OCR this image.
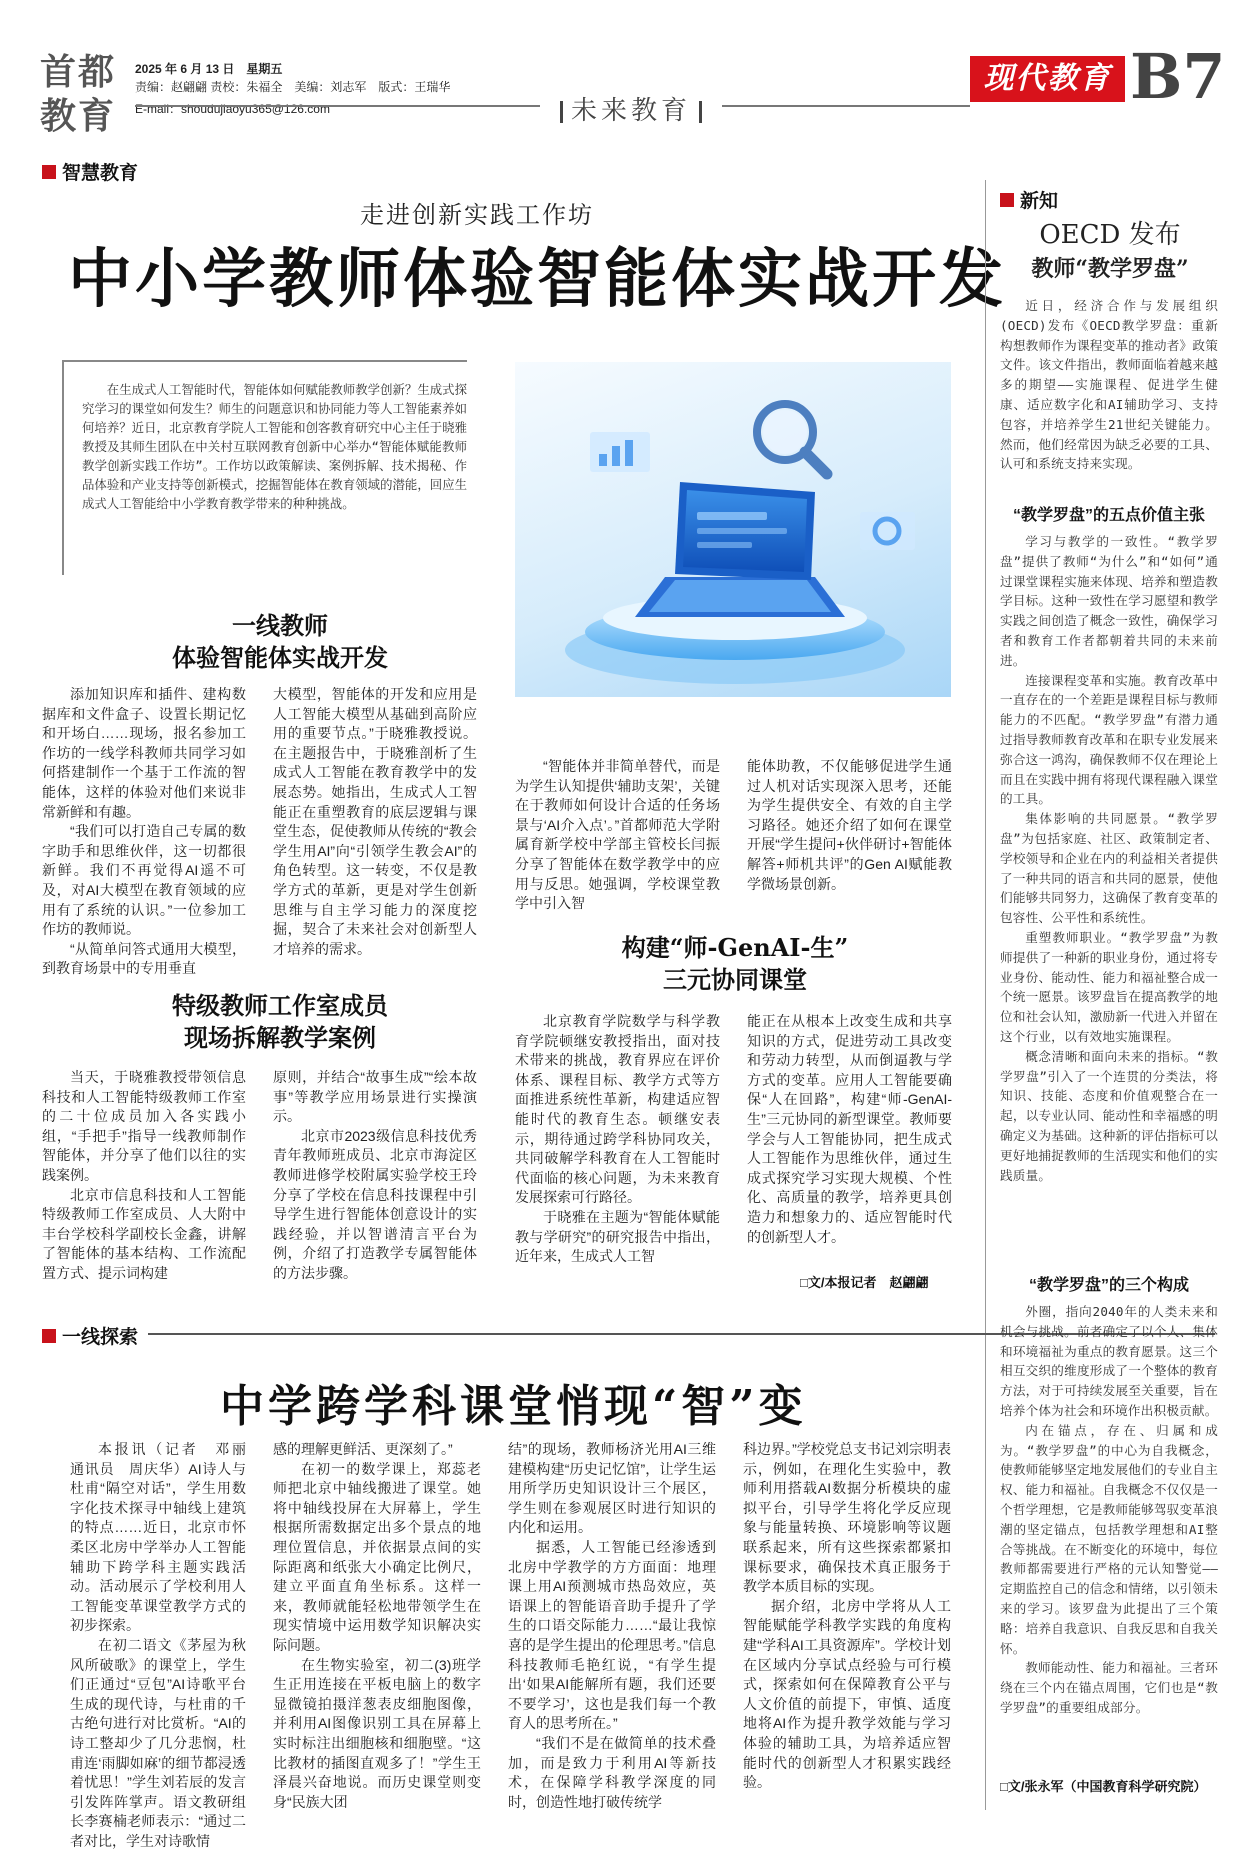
首都
教育
2025 年 6 月 13 日　星期五
责编：赵翩翩 责校：朱福全　美编：刘志军　版式：王瑞华
E-mail：shoudujiaoyu365@126.com	未来教育
现代教育报
B7
智慧教育
走进创新实践工作坊
中小学教师体验智能体实战开发

在生成式人工智能时代，智能体如何赋能教师教学创新？生成式探究学习的课堂如何发生？师生的问题意识和协同能力等人工智能素养如何培养？近日，北京教育学院人工智能和创客教育研究中心主任于晓雅教授及其师生团队在中关村互联网教育创新中心举办“智能体赋能教师教学创新实践工作坊”。工作坊以政策解读、案例拆解、技术揭秘、作品体验和产业支持等创新模式，挖掘智能体在教育领域的潜能，回应生成式人工智能给中小学教育教学带来的种种挑战。

一线教师
体验智能体实战开发

添加知识库和插件、建构数据库和文件盒子、设置长期记忆和开场白……现场，报名参加工作坊的一线学科教师共同学习如何搭建制作一个基于工作流的智能体，这样的体验对他们来说非常新鲜和有趣。

“我们可以打造自己专属的数字助手和思维伙伴，这一切都很新鲜。我们不再觉得AI遥不可及，对AI大模型在教育领域的应用有了系统的认识。”一位参加工作坊的教师说。

“从简单问答式通用大模型，到教育场景中的专用垂直

大模型，智能体的开发和应用是人工智能大模型从基础到高阶应用的重要节点。”于晓雅教授说。在主题报告中，于晓雅剖析了生成式人工智能在教育教学中的发展态势。她指出，生成式人工智能正在重塑教育的底层逻辑与课堂生态，促使教师从传统的“教会学生用AI”向“引领学生教会AI”的角色转型。这一转变，不仅是教学方式的革新，更是对学生创新思维与自主学习能力的深度挖掘，契合了未来社会对创新型人才培养的需求。

特级教师工作室成员
现场拆解教学案例

当天，于晓雅教授带领信息科技和人工智能特级教师工作室的二十位成员加入各实践小组，“手把手”指导一线教师制作智能体，并分享了他们以往的实践案例。

北京市信息科技和人工智能特级教师工作室成员、人大附中丰台学校科学副校长金鑫，讲解了智能体的基本结构、工作流配置方式、提示词构建

原则，并结合“故事生成”“绘本故事”等教学应用场景进行实操演示。

北京市2023级信息科技优秀青年教师班成员、北京市海淀区教师进修学校附属实验学校王玲分享了学校在信息科技课程中引导学生进行智能体创意设计的实践经验，并以智谱清言平台为例，介绍了打造教学专属智能体的方法步骤。

“智能体并非简单替代，而是为学生认知提供‘辅助支架’，关键在于教师如何设计合适的任务场景与‘AI介入点’。”首都师范大学附属育新学校中学部主管校长闫振分享了智能体在数学教学中的应用与反思。她强调，学校课堂教学中引入智

能体助教，不仅能够促进学生通过人机对话实现深入思考，还能为学生提供安全、有效的自主学习路径。她还介绍了如何在课堂开展“学生提问+伙伴研讨+智能体解答+师机共评”的Gen AI赋能教学微场景创新。

构建“师-GenAI-生”
三元协同课堂

北京教育学院数学与科学教育学院顿继安教授指出，面对技术带来的挑战，教育界应在评价体系、课程目标、教学方式等方面推进系统性革新，构建适应智能时代的教育生态。顿继安表示，期待通过跨学科协同攻关，共同破解学科教育在人工智能时代面临的核心问题，为未来教育发展探索可行路径。

于晓雅在主题为“智能体赋能教与学研究”的研究报告中指出，近年来，生成式人工智

能正在从根本上改变生成和共享知识的方式，促进劳动工具改变和劳动力转型，从而倒逼教与学方式的变革。应用人工智能要确保“人在回路”，构建“师-GenAI-生”三元协同的新型课堂。教师要学会与人工智能协同，把生成式人工智能作为思维伙伴，通过生成式探究学习实现大规模、个性化、高质量的教学，培养更具创造力和想象力的、适应智能时代的创新型人才。

□文/本报记者　赵翩翩
一线探索
中学跨学科课堂悄现“智”变

本报讯（记者　邓丽　通讯员　周庆华）AI诗人与杜甫“隔空对话”，学生用数字化技术探寻中轴线上建筑的特点……近日，北京市怀柔区北房中学举办人工智能辅助下跨学科主题实践活动。活动展示了学校利用人工智能变革课堂教学方式的初步探索。

在初二语文《茅屋为秋风所破歌》的课堂上，学生们正通过“豆包”AI诗歌平台生成的现代诗，与杜甫的千古绝句进行对比赏析。“AI的诗工整却少了几分悲悯，杜甫连‘雨脚如麻’的细节都浸透着忧思！”学生刘若辰的发言引发阵阵掌声。语文教研组长李赛楠老师表示：“通过二者对比，学生对诗歌情

感的理解更鲜活、更深刻了。”

在初一的数学课上，郑蕊老师把北京中轴线搬进了课堂。她将中轴线投屏在大屏幕上，学生根据所需数据定出多个景点的地理位置信息，并依据景点间的实际距离和纸张大小确定比例尺，建立平面直角坐标系。这样一来，教师就能轻松地带领学生在现实情境中运用数学知识解决实际问题。

在生物实验室，初二(3)班学生正用连接在平板电脑上的数字显微镜拍摄洋葱表皮细胞图像，并利用AI图像识别工具在屏幕上实时标注出细胞核和细胞壁。“这比教材的插图直观多了！”学生王泽晨兴奋地说。而历史课堂则变身“民族大团

结”的现场，教师杨济光用AI三维建模构建“历史记忆馆”，让学生运用所学历史知识设计三个展区，学生则在参观展区时进行知识的内化和运用。

据悉，人工智能已经渗透到北房中学教学的方方面面：地理课上用AI预测城市热岛效应，英语课上的智能语音助手提升了学生的口语交际能力……“最让我惊喜的是学生提出的伦理思考。”信息科技教师毛艳红说，“有学生提出‘如果AI能解所有题，我们还要不要学习’，这也是我们每一个教育人的思考所在。”

“我们不是在做简单的技术叠加，而是致力于利用AI等新技术，在保障学科教学深度的同时，创造性地打破传统学

科边界。”学校党总支书记刘宗明表示，例如，在理化生实验中，教师利用搭载AI数据分析模块的虚拟平台，引导学生将化学反应现象与能量转换、环境影响等议题联系起来，所有这些探索都紧扣课标要求，确保技术真正服务于教学本质目标的实现。

据介绍，北房中学将从人工智能赋能学科教学实践的角度构建“学科AI工具资源库”。学校计划在区域内分享试点经验与可行模式，探索如何在保障教育公平与人文价值的前提下，审慎、适度地将AI作为提升教学效能与学习体验的辅助工具，为培养适应智能时代的创新型人才积累实践经验。

新知
OECD 发布
教师“教学罗盘”

近日，经济合作与发展组织(OECD)发布《OECD教学罗盘：重新构想教师作为课程变革的推动者》政策文件。该文件指出，教师面临着越来越多的期望——实施课程、促进学生健康、适应数字化和AI辅助学习、支持包容，并培养学生21世纪关键能力。然而，他们经常因为缺乏必要的工具、认可和系统支持来实现。

“教学罗盘”的五点价值主张

学习与教学的一致性。“教学罗盘”提供了教师“为什么”和“如何”通过课堂课程实施来体现、培养和塑造教学目标。这种一致性在学习愿望和教学实践之间创造了概念一致性，确保学习者和教育工作者都朝着共同的未来前进。

连接课程变革和实施。教育改革中一直存在的一个差距是课程目标与教师能力的不匹配。“教学罗盘”有潜力通过指导教师教育改革和在职专业发展来弥合这一鸿沟，确保教师不仅在理论上而且在实践中拥有将现代课程融入课堂的工具。

集体影响的共同愿景。“教学罗盘”为包括家庭、社区、政策制定者、学校领导和企业在内的利益相关者提供了一种共同的语言和共同的愿景，使他们能够共同努力，这确保了教育变革的包容性、公平性和系统性。

重塑教师职业。“教学罗盘”为教师提供了一种新的职业身份，通过将专业身份、能动性、能力和福祉整合成一个统一愿景。该罗盘旨在提高教学的地位和社会认知，激励新一代进入并留在这个行业，以有效地实施课程。

概念清晰和面向未来的指标。“教学罗盘”引入了一个连贯的分类法，将知识、技能、态度和价值观整合在一起，以专业认同、能动性和幸福感的明确定义为基础。这种新的评估指标可以更好地捕捉教师的生活现实和他们的实践质量。

“教学罗盘”的三个构成

外圈，指向2040年的人类未来和机会与挑战。前者确定了以个人、集体和环境福祉为重点的教育愿景。这三个相互交织的维度形成了一个整体的教育方法，对于可持续发展至关重要，旨在培养个体为社会和环境作出积极贡献。

内在锚点，存在、归属和成为。“教学罗盘”的中心为自我概念，使教师能够坚定地发展他们的专业自主权、能力和福祉。自我概念不仅仅是一个哲学理想，它是教师能够驾驭变革浪潮的坚定锚点，包括教学理想和AI整合等挑战。在不断变化的环境中，每位教师都需要进行严格的元认知警觉——定期监控自己的信念和情绪，以引领未来的学习。该罗盘为此提出了三个策略：培养自我意识、自我反思和自我关怀。

教师能动性、能力和福祉。三者环绕在三个内在锚点周围，它们也是“教学罗盘”的重要组成部分。

□文/张永军（中国教育科学研究院）
